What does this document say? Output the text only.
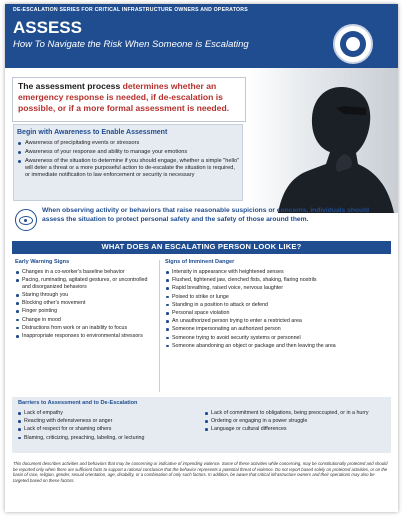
DE-ESCALATION SERIES FOR CRITICAL INFRASTRUCTURE OWNERS AND OPERATORS
ASSESS
How To Navigate the Risk When Someone is Escalating
The assessment process determines whether an emergency response is needed, if de-escalation is possible, or if a more formal assessment is needed.
Begin with Awareness to Enable Assessment
Awareness of precipitating events or stressors
Awareness of your response and ability to manage your emotions
Awareness of the situation to determine if you should engage, whether a simple "hello" will deter a threat or a more purposeful action to de-escalate the situation is required, or immediate notification to law enforcement or security is necessary
When observing activity or behaviors that raise reasonable suspicions or concerns, individuals should assess the situation to protect personal safety and the safety of those around them.
WHAT DOES AN ESCALATING PERSON LOOK LIKE?
Early Warning Signs
Changes in a co-worker's baseline behavior
Pacing, ruminating, agitated gestures, or uncontrolled and disorganized behaviors
Staring through you
Blocking other's movement
Finger pointing
Change in mood
Distractions from work or an inability to focus
Inappropriate responses to environmental stressors
Signs of Imminent Danger
Intensity in appearance with heightened senses
Flushed, tightened jaw, clenched fists, shaking, flaring nostrils
Rapid breathing, raised voice, nervous laughter
Poised to strike or lunge
Standing in a position to attack or defend
Personal space violation
An unauthorized person trying to enter a restricted area
Someone impersonating an authorized person
Someone trying to avoid security systems or personnel
Someone abandoning an object or package and then leaving the area
Barriers to Assessment and to De-Escalation
Lack of empathy
Reacting with defensiveness or anger
Lack of respect for or shaming others
Blaming, criticizing, preaching, labeling, or lecturing
Lack of commitment to obligations, being preoccupied, or in a hurry
Ordering or engaging in a power struggle
Language or cultural differences
This document describes activities and behaviors that may be concerning or indicative of impending violence. Some of these activities while concerning, may be constitutionally protected and should be reported only when there are sufficient facts to support a rational conclusion that the behavior represents a potential threat of violence. Do not report based solely on protected activities, or on the basis of race, religion, gender, sexual orientation, age, disability, or a combination of only such factors. In addition, be aware that critical infrastructure owners and their operations may also be targeted based on these factors.
